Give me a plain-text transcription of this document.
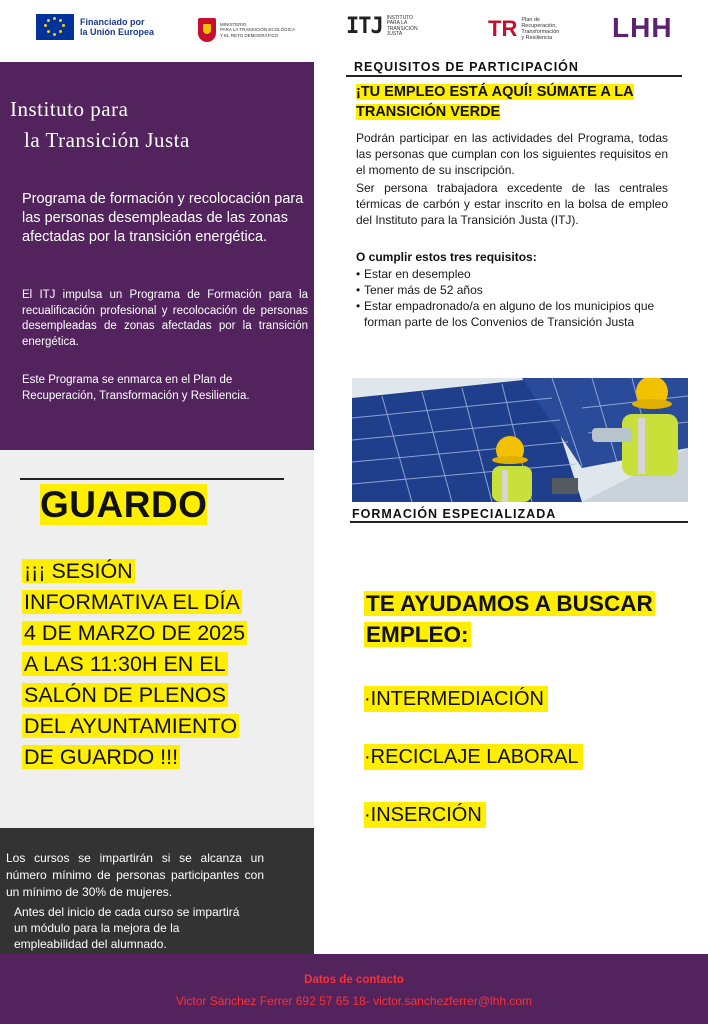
Financiado por
la Unión Europea
MINISTERIO
PARA LA TRANSICIÓN ECOLÓGICA
Y EL RETO DEMOGRÁFICO	ITJ INSTITUTO
PARA LA
TRANSICIÓN
JUSTA	TR Plan de
Recuperación,
Transformación
y Resiliencia LHH
Instituto para
la Transición Justa
Programa de formación y recolocación para las personas desempleadas de las zonas afectadas por la transición energética.
El ITJ impulsa un Programa de Formación para la recualificación profesional y recolocación de personas desempleadas de zonas afectadas por la transición energética.
Este Programa se enmarca en el Plan de Recuperación, Transformación y Resiliencia.
GUARDO
¡¡¡ SESIÓN
INFORMATIVA EL DÍA
4 DE MARZO DE 2025
A LAS 11:30H EN EL
SALÓN DE PLENOS
DEL AYUNTAMIENTO
DE GUARDO !!!
Los cursos se impartirán si se alcanza un número mínimo de personas participantes con un mínimo de 30% de mujeres.
Antes del inicio de cada curso se impartirá un módulo para la mejora de la empleabilidad del alumnado.
REQUISITOS DE PARTICIPACIÓN
¡TU EMPLEO ESTÁ AQUÍ! SÚMATE A LA
TRANSICIÓN VERDE
Podrán participar en las actividades del Programa, todas las personas que cumplan con los siguientes requisitos en el momento de su inscripción.
Ser persona trabajadora excedente de las centrales térmicas de carbón y estar inscrito en la bolsa de empleo del Instituto para la Transición Justa (ITJ).
O cumplir estos tres requisitos:
• Estar en desempleo
• Tener más de 52 años
• Estar empadronado/a en alguno de los municipios que forman parte de los Convenios de Transición Justa
FORMACIÓN ESPECIALIZADA
TE AYUDAMOS A BUSCAR
EMPLEO:
·INTERMEDIACIÓN
·RECICLAJE LABORAL
·INSERCIÓN
Datos de contacto
Victor Sánchez Ferrer 692 57 65 18- victor.sanchezferrer@lhh.com
